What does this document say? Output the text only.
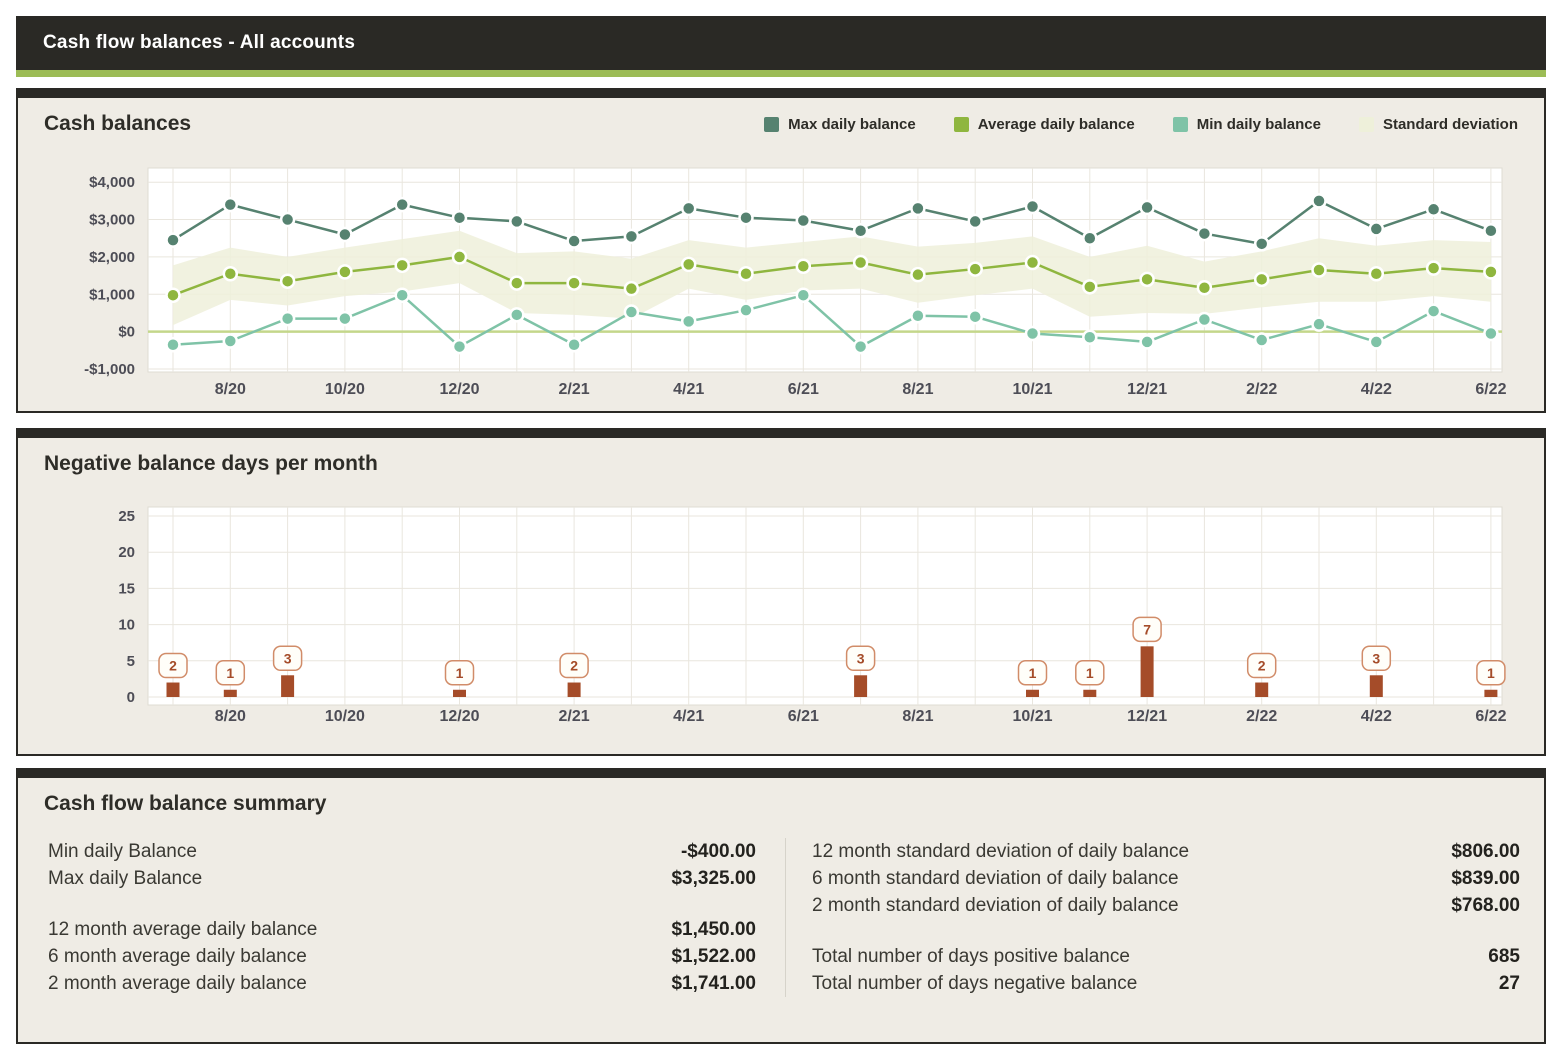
Cash flow balances - All accounts
Cash balances	Max daily balance	Average daily balance	Min daily balance	Standard deviation
$4,000
$3,000
$2,000
$1,000
$0
-$1,000
8/20	10/20	12/20	2/21	4/21	6/21	8/21	10/21	12/21	2/22	4/22	6/22
Negative balance days per month
2	1
3
1	2	3
1	1
7
2	3
1
25
20
15
10
5
0
8/20	10/20	12/20	2/21	4/21	6/21	8/21	10/21	12/21	2/22	4/22	6/22
Cash flow balance summary
Min daily Balance	-$400.00
Max daily Balance	$3,325.00
12 month average daily balance	$1,450.00
6 month average daily balance	$1,522.00
2 month average daily balance	$1,741.00
12 month standard deviation of daily balance	$806.00
6 month standard deviation of daily balance	$839.00
2 month standard deviation of daily balance	$768.00
Total number of days positive balance	685
Total number of days negative balance	27
